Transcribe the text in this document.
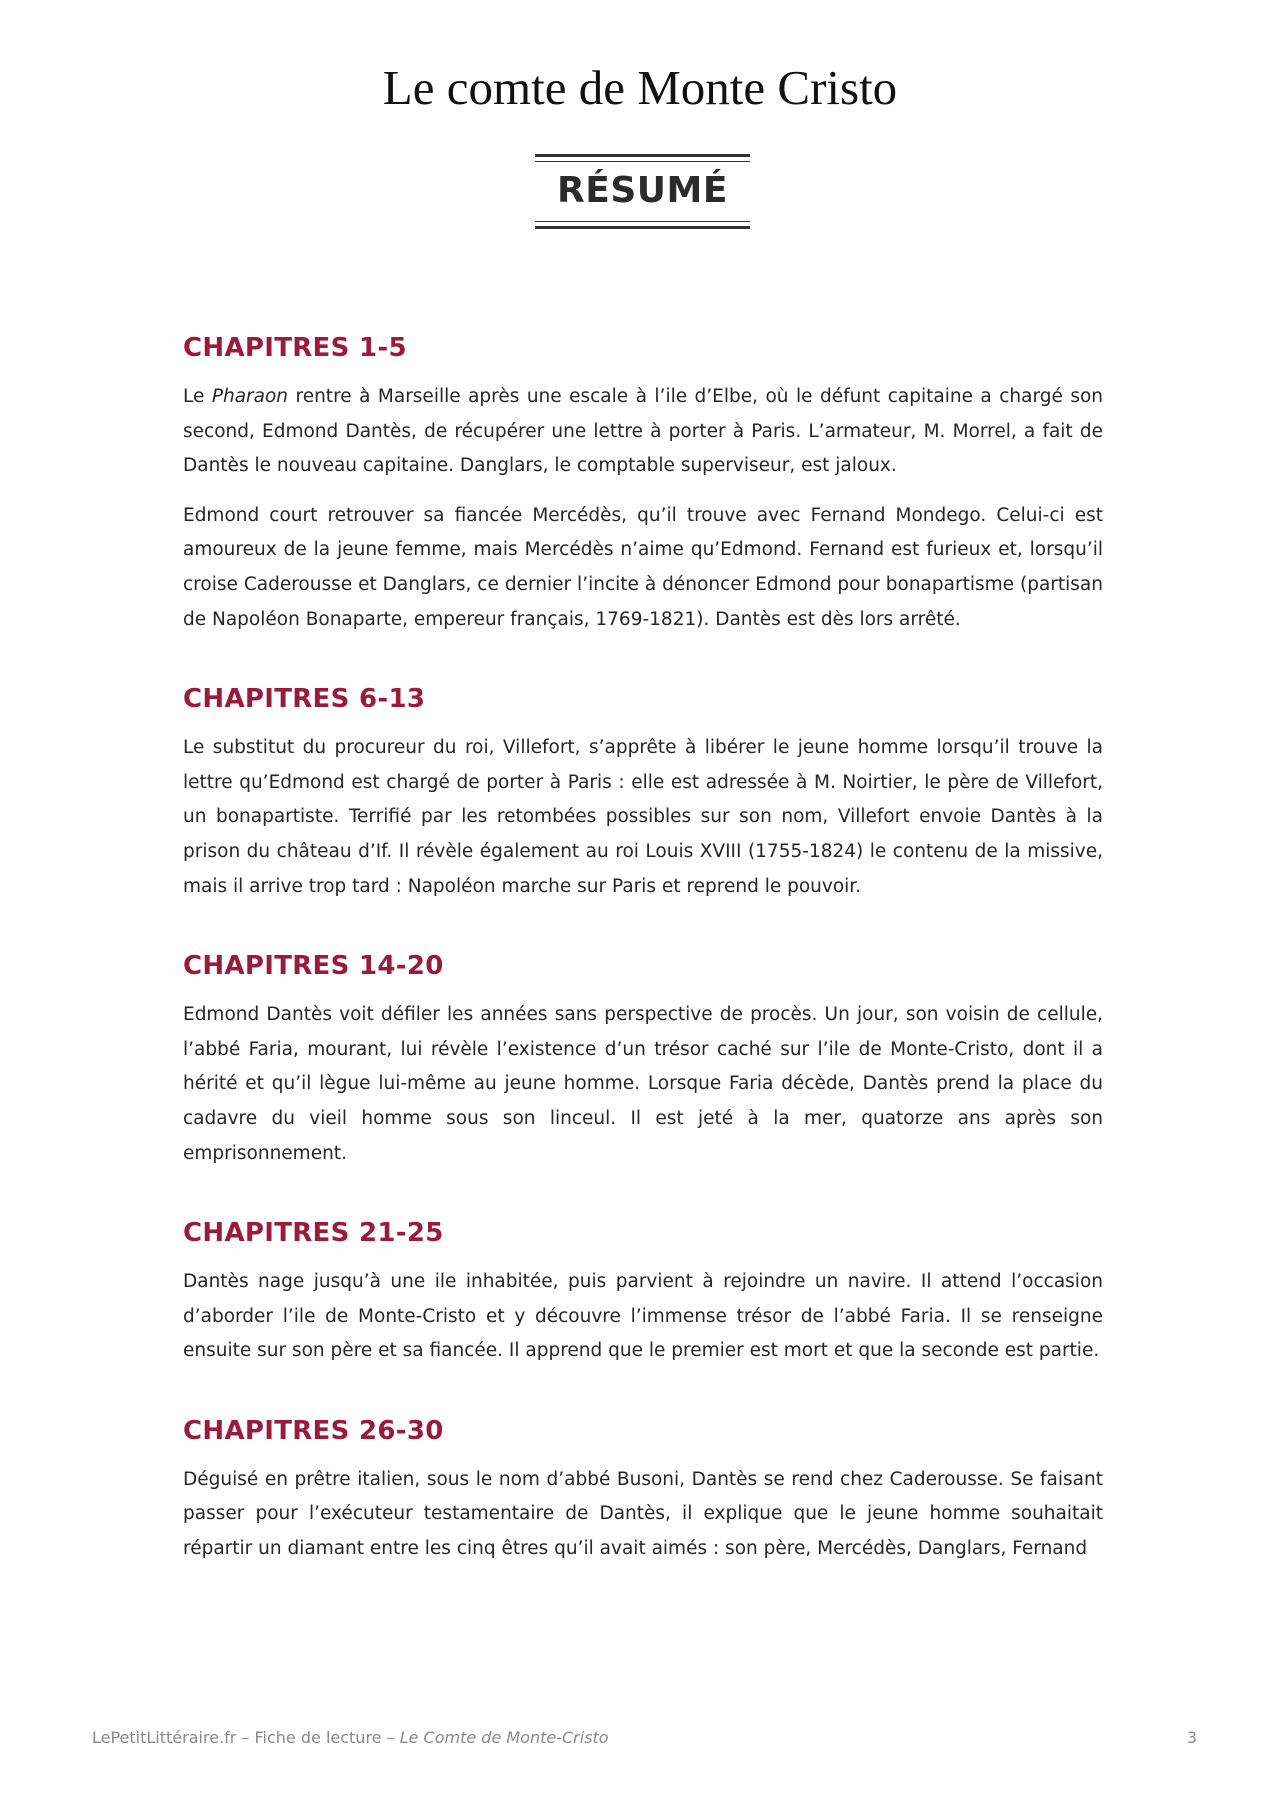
Le comte de Monte Cristo
RÉSUMÉ
CHAPITRES 1-5

Le Pharaon rentre à Marseille après une escale à l’ile d’Elbe, où le défunt capitaine a chargé son second, Edmond Dantès, de récupérer une lettre à porter à Paris. L’armateur, M. Morrel, a fait de Dantès le nouveau capitaine. Danglars, le comptable superviseur, est jaloux.

Edmond court retrouver sa fiancée Mercédès, qu’il trouve avec Fernand Mondego. Celui-ci est amoureux de la jeune femme, mais Mercédès n’aime qu’Edmond. Fernand est furieux et, lorsqu’il croise Caderousse et Danglars, ce dernier l’incite à dénoncer Edmond pour bonapartisme (partisan de Napoléon Bonaparte, empereur français, 1769-1821). Dantès est dès lors arrêté.

CHAPITRES 6-13

Le substitut du procureur du roi, Villefort, s’apprête à libérer le jeune homme lorsqu’il trouve la lettre qu’Edmond est chargé de porter à Paris : elle est adressée à M. Noirtier, le père de Villefort, un bonapartiste. Terrifié par les retombées possibles sur son nom, Villefort envoie Dantès à la prison du château d’If. Il révèle également au roi Louis XVIII (1755-1824) le contenu de la missive, mais il arrive trop tard : Napoléon marche sur Paris et reprend le pouvoir.

CHAPITRES 14-20

Edmond Dantès voit défiler les années sans perspective de procès. Un jour, son voisin de cellule, l’abbé Faria, mourant, lui révèle l’existence d’un trésor caché sur l’ile de Monte-Cristo, dont il a hérité et qu’il lègue lui-même au jeune homme. Lorsque Faria décède, Dantès prend la place du cadavre du vieil homme sous son linceul. Il est jeté à la mer, quatorze ans après son emprisonnement.

CHAPITRES 21-25

Dantès nage jusqu’à une ile inhabitée, puis parvient à rejoindre un navire. Il attend l’occasion d’aborder l’ile de Monte-Cristo et y découvre l’immense trésor de l’abbé Faria. Il se renseigne ensuite sur son père et sa fiancée. Il apprend que le premier est mort et que la seconde est partie.

CHAPITRES 26-30

Déguisé en prêtre italien, sous le nom d’abbé Busoni, Dantès se rend chez Caderousse. Se faisant passer pour l’exécuteur testamentaire de Dantès, il explique que le jeune homme souhaitait répartir un diamant entre les cinq êtres qu’il avait aimés : son père, Mercédès, Danglars, Fernand

LePetitLittéraire.fr – Fiche de lecture – Le Comte de Monte-Cristo	3
